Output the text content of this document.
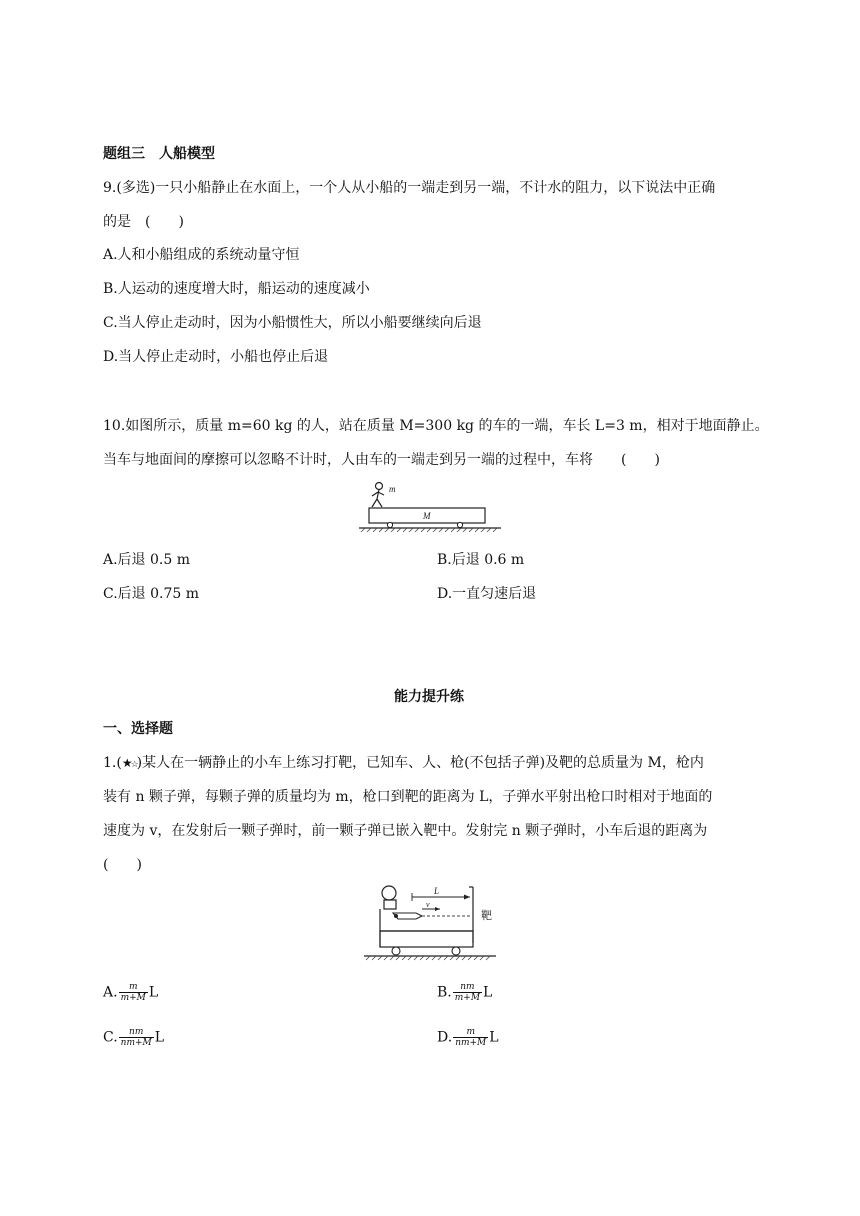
题组三　人船模型
9.(多选)一只小船静止在水面上，一个人从小船的一端走到另一端，不计水的阻力，以下说法中正确
的是　(　　)
A.人和小船组成的系统动量守恒
B.人运动的速度增大时，船运动的速度减小
C.当人停止走动时，因为小船惯性大，所以小船要继续向后退
D.当人停止走动时，小船也停止后退
10.如图所示，质量 m=60 kg 的人，站在质量 M=300 kg 的车的一端，车长 L=3 m，相对于地面静止。
当车与地面间的摩擦可以忽略不计时，人由车的一端走到另一端的过程中，车将　　(　　)
m
M
A.后退 0.5 m	B.后退 0.6 m
C.后退 0.75 m	D.一直匀速后退
能力提升练
一、选择题
1.(★☆)某人在一辆静止的小车上练习打靶，已知车、人、枪(不包括子弹)及靶的总质量为 M，枪内
装有 n 颗子弹，每颗子弹的质量均为 m，枪口到靶的距离为 L，子弹水平射出枪口时相对于地面的
速度为 v，在发射后一颗子弹时，前一颗子弹已嵌入靶中。发射完 n 颗子弹时，小车后退的距离为
(　　)
靶
L
v
A. $\frac{m}{m+M}$ L	B. $\frac{nm}{m+M}$ L
C. $\frac{nm}{nm+M}$ L	D. $\frac{m}{nm+M}$ L
